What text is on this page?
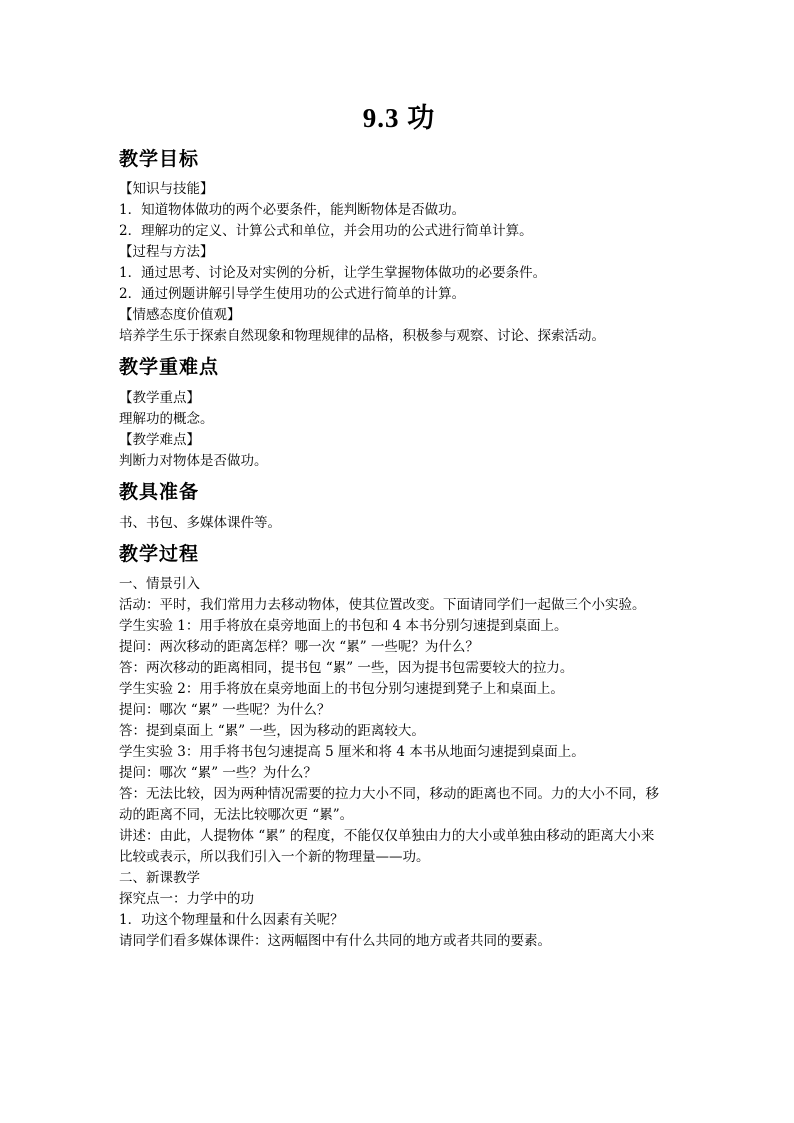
9.3 功
教学目标
【知识与技能】
1．知道物体做功的两个必要条件，能判断物体是否做功。
2．理解功的定义、计算公式和单位，并会用功的公式进行简单计算。
【过程与方法】
1．通过思考、讨论及对实例的分析，让学生掌握物体做功的必要条件。
2．通过例题讲解引导学生使用功的公式进行简单的计算。
【情感态度价值观】
培养学生乐于探索自然现象和物理规律的品格，积极参与观察、讨论、探索活动。
教学重难点
【教学重点】
理解功的概念。
【教学难点】
判断力对物体是否做功。
教具准备
书、书包、多媒体课件等。
教学过程
一、情景引入
活动：平时，我们常用力去移动物体，使其位置改变。下面请同学们一起做三个小实验。
学生实验 1：用手将放在桌旁地面上的书包和 4 本书分别匀速提到桌面上。
提问：两次移动的距离怎样？哪一次 “累” 一些呢？为什么？
答：两次移动的距离相同，提书包 “累” 一些，因为提书包需要较大的拉力。
学生实验 2：用手将放在桌旁地面上的书包分别匀速提到凳子上和桌面上。
提问：哪次 “累” 一些呢？为什么？
答：提到桌面上 “累” 一些，因为移动的距离较大。
学生实验 3：用手将书包匀速提高 5 厘米和将 4 本书从地面匀速提到桌面上。
提问：哪次 “累” 一些？为什么？
答：无法比较，因为两种情况需要的拉力大小不同，移动的距离也不同。力的大小不同，移
动的距离不同，无法比较哪次更 “累”。
讲述：由此，人提物体 “累” 的程度，不能仅仅单独由力的大小或单独由移动的距离大小来
比较或表示，所以我们引入一个新的物理量——功。
二、新课教学
探究点一：力学中的功
1．功这个物理量和什么因素有关呢？
请同学们看多媒体课件：这两幅图中有什么共同的地方或者共同的要素。
